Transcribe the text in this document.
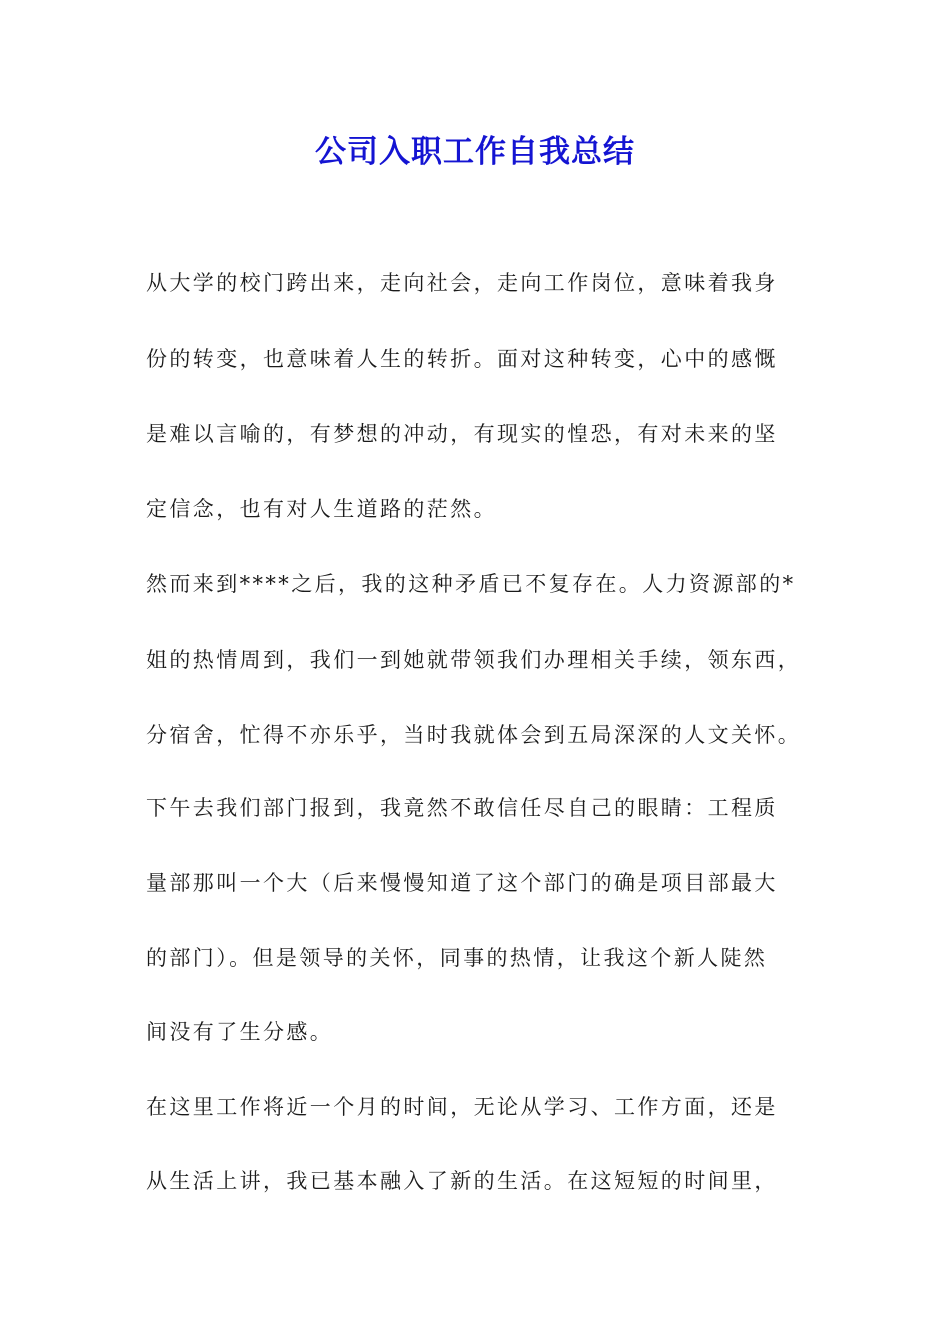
公司入职工作自我总结
从大学的校门跨出来，走向社会，走向工作岗位，意味着我身
份的转变，也意味着人生的转折。面对这种转变，心中的感慨
是难以言喻的，有梦想的冲动，有现实的惶恐，有对未来的坚
定信念，也有对人生道路的茫然。
然而来到****之后，我的这种矛盾已不复存在。人力资源部的*
姐的热情周到，我们一到她就带领我们办理相关手续，领东西，
分宿舍，忙得不亦乐乎，当时我就体会到五局深深的人文关怀。
下午去我们部门报到，我竟然不敢信任尽自己的眼睛：工程质
量部那叫一个大（后来慢慢知道了这个部门的确是项目部最大
的部门）。但是领导的关怀，同事的热情，让我这个新人陡然
间没有了生分感。
在这里工作将近一个月的时间，无论从学习、工作方面，还是
从生活上讲，我已基本融入了新的生活。在这短短的时间里，
